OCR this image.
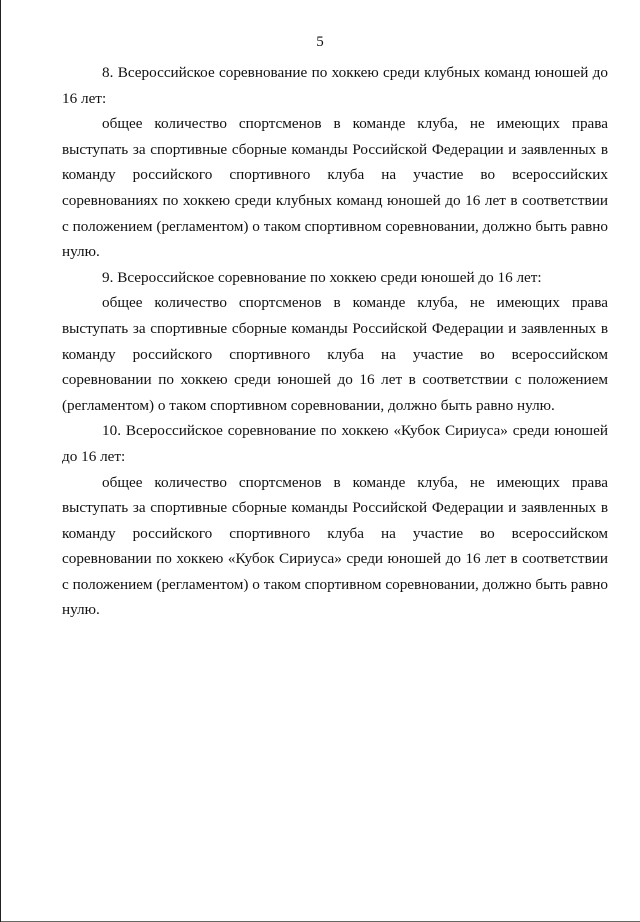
5

8. Всероссийское соревнование по хоккею среди клубных команд юношей до 16 лет:

общее количество спортсменов в команде клуба, не имеющих права выступать за спортивные сборные команды Российской Федерации и заявленных в команду российского спортивного клуба на участие во всероссийских соревнованиях по хоккею среди клубных команд юношей до 16 лет в соответствии с положением (регламентом) о таком спортивном соревновании, должно быть равно нулю.

9. Всероссийское соревнование по хоккею среди юношей до 16 лет:

общее количество спортсменов в команде клуба, не имеющих права выступать за спортивные сборные команды Российской Федерации и заявленных в команду российского спортивного клуба на участие во всероссийском соревновании по хоккею среди юношей до 16 лет в соответствии с положением (регламентом) о таком спортивном соревновании, должно быть равно нулю.

10. Всероссийское соревнование по хоккею «Кубок Сириуса» среди юношей до 16 лет:

общее количество спортсменов в команде клуба, не имеющих права выступать за спортивные сборные команды Российской Федерации и заявленных в команду российского спортивного клуба на участие во всероссийском соревновании по хоккею «Кубок Сириуса» среди юношей до 16 лет в соответствии с положением (регламентом) о таком спортивном соревновании, должно быть равно нулю.
